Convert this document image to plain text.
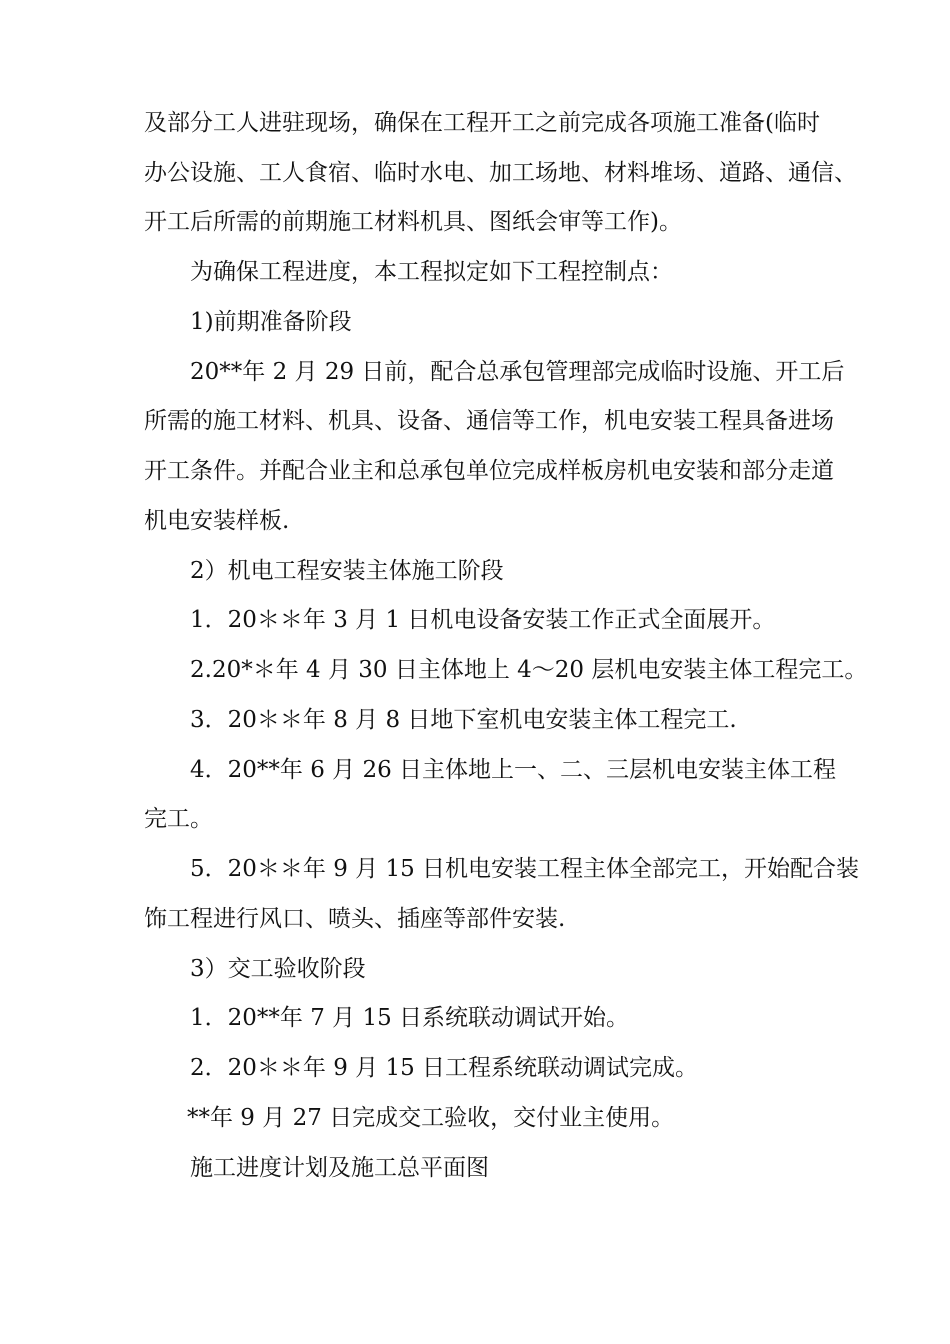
及部分工人进驻现场，确保在工程开工之前完成各项施工准备(临时
办公设施、工人食宿、临时水电、加工场地、材料堆场、道路、通信、
开工后所需的前期施工材料机具、图纸会审等工作)。
为确保工程进度，本工程拟定如下工程控制点：
1)前期准备阶段
20**年 2 月 29 日前，配合总承包管理部完成临时设施、开工后
所需的施工材料、机具、设备、通信等工作，机电安装工程具备进场
开工条件。并配合业主和总承包单位完成样板房机电安装和部分走道
机电安装样板.
2）机电工程安装主体施工阶段
1．20＊＊年 3 月 1 日机电设备安装工作正式全面展开。
2.20*＊年 4 月 30 日主体地上 4～20 层机电安装主体工程完工。
3．20＊＊年 8 月 8 日地下室机电安装主体工程完工.
4．20**年 6 月 26 日主体地上一、二、三层机电安装主体工程
完工。
5．20＊＊年 9 月 15 日机电安装工程主体全部完工，开始配合装
饰工程进行风口、喷头、插座等部件安装.
3）交工验收阶段
1．20**年 7 月 15 日系统联动调试开始。
2．20＊＊年 9 月 15 日工程系统联动调试完成。
**年 9 月 27 日完成交工验收，交付业主使用。
施工进度计划及施工总平面图
